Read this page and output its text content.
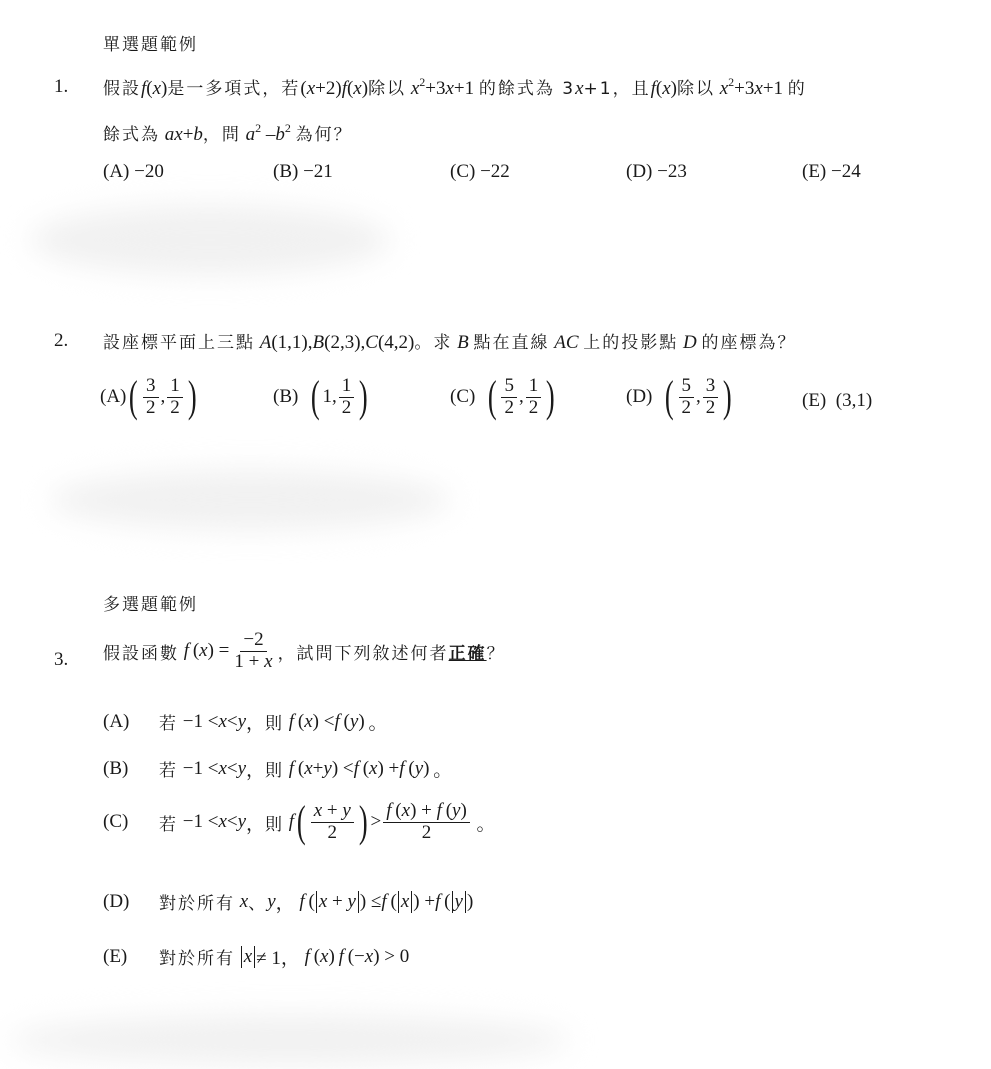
單選題範例
1. 假設f(x)是一多項式，若(x+2)f(x)除以 $x^2+3x+1$ 的餘式為 3x+1，且f(x)除以 $x^2+3x+1$ 的
餘式為 ax+b，問 $a^2$ $-b^2$ 為何？
(A) −20	(B) −21	(C) −22	(D) −23	(E) −24
2. 設座標平面上三點 A(1,1),B(2,3),C(4,2)。求 B 點在直線 AC 上的投影點 D 的座標為？
(A) ( $\frac{3}{2}$ , $\frac{1}{2}$ )	(B)
( 1, $\frac{1}{2}$ )	(C)
( $\frac{5}{2}$ , $\frac{1}{2}$ )	(D)
( $\frac{5}{2}$ , $\frac{3}{2}$ )	(E) (3,1)
多選題範例
3. 假設函數
f  ( x ) = $\frac{-2}{1 + x}$ ，試問下列敘述何者 正確 ？
(A)	若 −1 < x < y ， 則
f  ( x ) < f  ( y )  。
(B)	若 −1 < x < y ， 則
f  ( x + y ) < f  ( x ) + f  ( y )  。
(C)	若 −1 < x < y ， 則
f ( $\frac{x + y}{2}$ ) > $\frac{f (x) + f (y)}{2}$
。
(D)	對於所有
x 、 y ， f  ( x + y ) ≤ f  ( x ) + f  ( y )
(E)	對於所有
x ≠ 1， f  ( x )  f  (− x ) > 0
